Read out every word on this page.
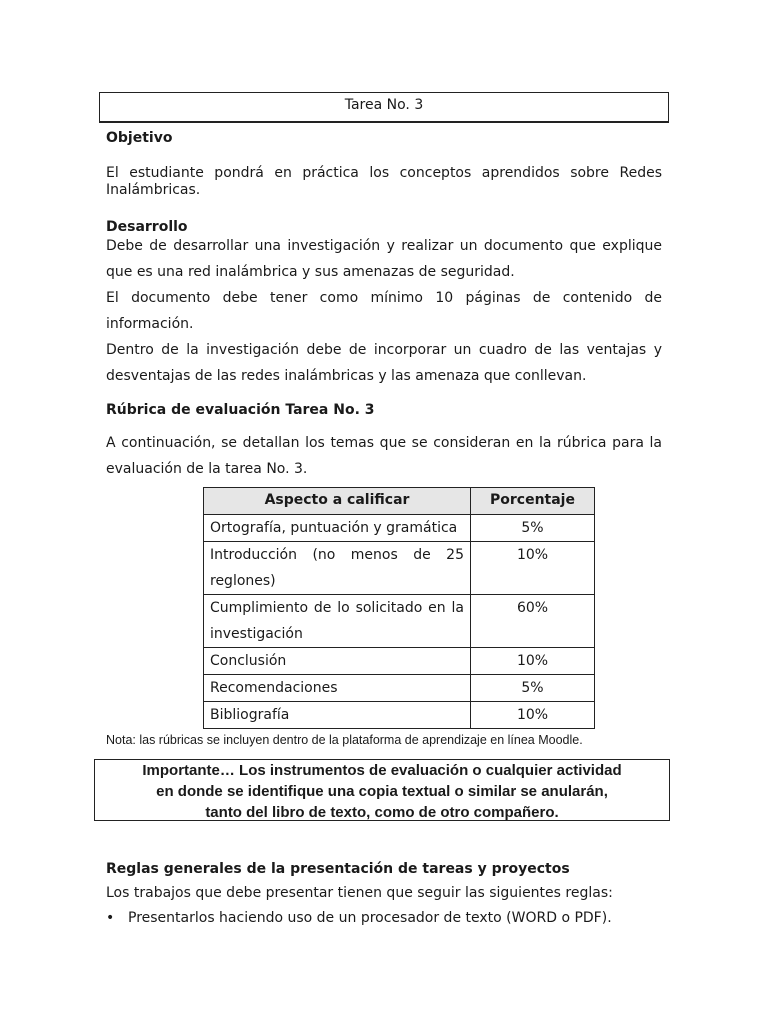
Tarea No. 3
Objetivo
El estudiante pondrá en práctica los conceptos aprendidos sobre Redes Inalámbricas.
Desarrollo
Debe de desarrollar una investigación y realizar un documento que explique que es una red inalámbrica y sus amenazas de seguridad.
El documento debe tener como mínimo 10 páginas de contenido de información.
Dentro de la investigación debe de incorporar un cuadro de las ventajas y desventajas de las redes inalámbricas y las amenaza que conllevan.
Rúbrica de evaluación Tarea No. 3
A continuación, se detallan los temas que se consideran en la rúbrica para la evaluación de la tarea No. 3.
Aspecto a calificar	Porcentaje
Ortografía, puntuación y gramática	5%
Introducción (no menos de 25 reglones)	10%
Cumplimiento de lo solicitado en la investigación	60%
Conclusión	10%
Recomendaciones	5%
Bibliografía	10%
Nota: las rúbricas se incluyen dentro de la plataforma de aprendizaje en línea Moodle.
Importante… Los instrumentos de evaluación o cualquier actividad
en donde se identifique una copia textual o similar se anularán,
tanto del libro de texto, como de otro compañero.
Reglas generales de la presentación de tareas y proyectos
Los trabajos que debe presentar tienen que seguir las siguientes reglas:
• Presentarlos haciendo uso de un procesador de texto (WORD o PDF).
